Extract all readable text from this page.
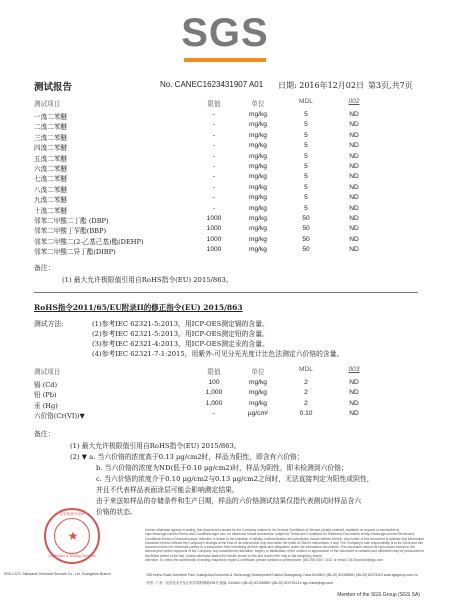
SGS
测试报告	No. CANEC1623431907 A01 日期: 2016年12月02日 第3页,共7页
测试项目	限值	单位	MDL	002
一溴二苯醚	-	mg/kg	5	ND
二溴二苯醚	-	mg/kg	5	ND
三溴二苯醚	-	mg/kg	5	ND
四溴二苯醚	-	mg/kg	5	ND
五溴二苯醚	-	mg/kg	5	ND
六溴二苯醚	-	mg/kg	5	ND
七溴二苯醚	-	mg/kg	5	ND
八溴二苯醚	-	mg/kg	5	ND
九溴二苯醚	-	mg/kg	5	ND
十溴二苯醚	-	mg/kg	5	ND
邻苯二甲酸二丁酯 (DBP)	1000	mg/kg	50	ND
邻苯二甲酸丁苄酯(BBP)	1000	mg/kg	50	ND
邻苯二甲酸二(2-乙基己基)酯(DEHP)	1000	mg/kg	50	ND
邻苯二甲酸二异丁酯(DIBP)	1000	mg/kg	50	ND
备注：
(1) 最大允许极限值引用自RoHS指令(EU) 2015/863。
RoHS指令2011/65/EU附录II的修正指令(EU) 2015/863
测试方法:	(1)参考IEC 62321-5:2013，用ICP-OES测定镉的含量。
(2)参考IEC 62321-5:2013，用ICP-OES测定铅的含量。
(3)参考IEC 62321-4:2013，用ICP-OES测定汞的含量。
(4)参考IEC 62321-7-1:2015，用紫外-可见分光光度计比色法测定六价铬的含量。
测试项目	限值	单位	MDL	003
镉 (Cd)	100	mg/kg	2	ND
铅 (Pb)	1,000	mg/kg	2	ND
汞 (Hg)	1,000	mg/kg	2	ND
六价铬(Cr(VI))▼	-	μg/cm²	0.10	ND
备注：
(1) 最大允许极限值引用自RoHS指令(EU) 2015/863。
(2) ▼ a. 当六价铬的浓度高于0.13 μg/cm2时，样品为阳性，即含有六价铬；
b. 当六价铬的浓度为ND(低于0.10 μg/cm2)时，样品为阴性，即未检测到六价铬；
c. 当六价铬的浓度介于0.10 μg/cm2与0.13 μg/cm2之间时，无法直接判定为阳性或阴性，
并且不代表样品表面涂层可能会影响测定结果。
由于来送如样品的存储条件和生产日期，样品的六价铬测试结果仅指代表测试时样品含六
价铬的状态。
检验检测专用章
★
Inspection & Testing Services
Unless otherwise agreed in writing, this document is issued by the Company subject to its General Conditions of Service printed overleaf, available on request or accessible at http://www.sgs.com/en/Terms-and-Conditions.aspx and, for electronic format documents, subject to Terms and Conditions for Electronic Documents at http://www.sgs.com/en/Terms-and-Conditions/Terms-e-Document.aspx. Attention is drawn to the limitation of liability, indemnification and jurisdiction issues defined therein. Any holder of this document is advised that information contained hereon reflects the Company's findings at the time of its intervention only and within the limits of Client's instructions, if any. The Company's sole responsibility is to its Client and this document does not exonerate parties to a transaction from exercising all their rights and obligations under the transaction documents. This document cannot be reproduced except in full, without prior written approval of the Company. Any unauthorized alteration, forgery or falsification of the content or appearance of this document is unlawful and offenders may be prosecuted to the fullest extent of the law. Unless otherwise stated the results shown in this test report refer only to the sample(s) tested.
Attention: To check the authenticity of testing /inspection report & certificate, please contact us at telephone: (86-755) 8307 1443, or email: CN.Doccheck@sgs.com
SGS-CSTC Standards Technical Services Co., Ltd. Guangzhou Branch	198 Kezhu Road,Scientech Park Guangzhou Economic & Technology Development District,Guangdong,China 510663 t (86-20) 82155555 f (86-20) 82075113 www.sgsgroup.com.cn
中国 · 广州 · 经济技术开发区科学城科珠路198号 邮编: 510663 t (86-20) 82155555 f (86-20) 82075113 e sgs.china@sgs.com
Member of the SGS Group (SGS SA)
